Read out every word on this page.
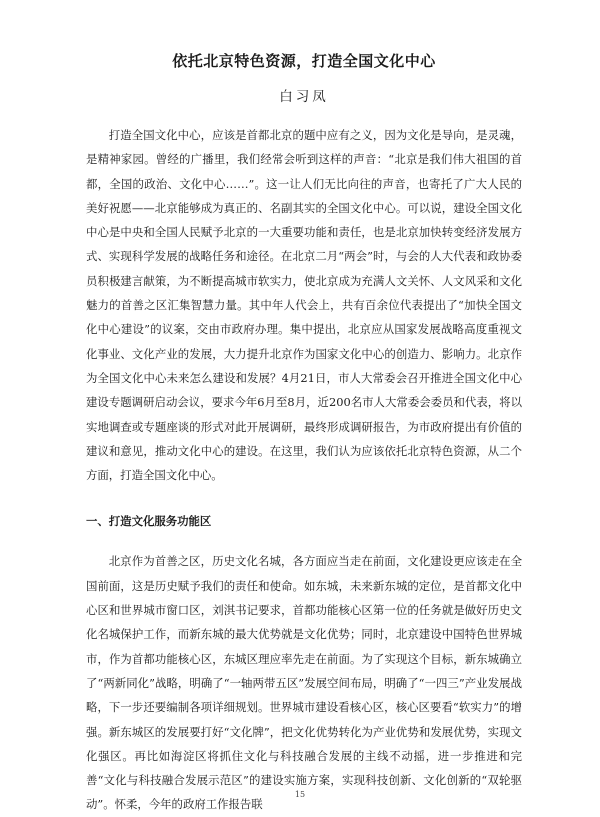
依托北京特色资源，打造全国文化中心
白习凤

打造全国文化中心，应该是首都北京的题中应有之义，因为文化是导向，是灵魂，是精神家园。曾经的广播里，我们经常会听到这样的声音：“北京是我们伟大祖国的首都，全国的政治、文化中心……”。这一让人们无比向往的声音，也寄托了广大人民的美好祝愿——北京能够成为真正的、名副其实的全国文化中心。可以说，建设全国文化中心是中央和全国人民赋予北京的一大重要功能和责任，也是北京加快转变经济发展方式、实现科学发展的战略任务和途径。在北京二月“两会”时，与会的人大代表和政协委员积极建言献策，为不断提高城市软实力，使北京成为充满人文关怀、人文风采和文化魅力的首善之区汇集智慧力量。其中年人代会上，共有百余位代表提出了“加快全国文化中心建设”的议案，交由市政府办理。集中提出，北京应从国家发展战略高度重视文化事业、文化产业的发展，大力提升北京作为国家文化中心的创造力、影响力。北京作为全国文化中心未来怎么建设和发展？4月21日，市人大常委会召开推进全国文化中心建设专题调研启动会议，要求今年6月至8月，近200名市人大常委会委员和代表，将以实地调查或专题座谈的形式对此开展调研，最终形成调研报告，为市政府提出有价值的建议和意见，推动文化中心的建设。在这里，我们认为应该依托北京特色资源，从二个方面，打造全国文化中心。

一、打造文化服务功能区

北京作为首善之区，历史文化名城，各方面应当走在前面，文化建设更应该走在全国前面，这是历史赋予我们的责任和使命。如东城，未来新东城的定位，是首都文化中心区和世界城市窗口区，刘淇书记要求，首都功能核心区第一位的任务就是做好历史文化名城保护工作，而新东城的最大优势就是文化优势；同时，北京建设中国特色世界城市，作为首都功能核心区，东城区理应率先走在前面。为了实现这个目标，新东城确立了“两新同化”战略，明确了“一轴两带五区”发展空间布局，明确了“一四三”产业发展战略，下一步还要编制各项详细规划。世界城市建设看核心区，核心区要看“软实力”的增强。新东城区的发展要打好“文化牌”，把文化优势转化为产业优势和发展优势，实现文化强区。再比如海淀区将抓住文化与科技融合发展的主线不动摇，进一步推进和完善“文化与科技融合发展示范区”的建设实施方案，实现科技创新、文化创新的“双轮驱动”。怀柔，今年的政府工作报告联

15
